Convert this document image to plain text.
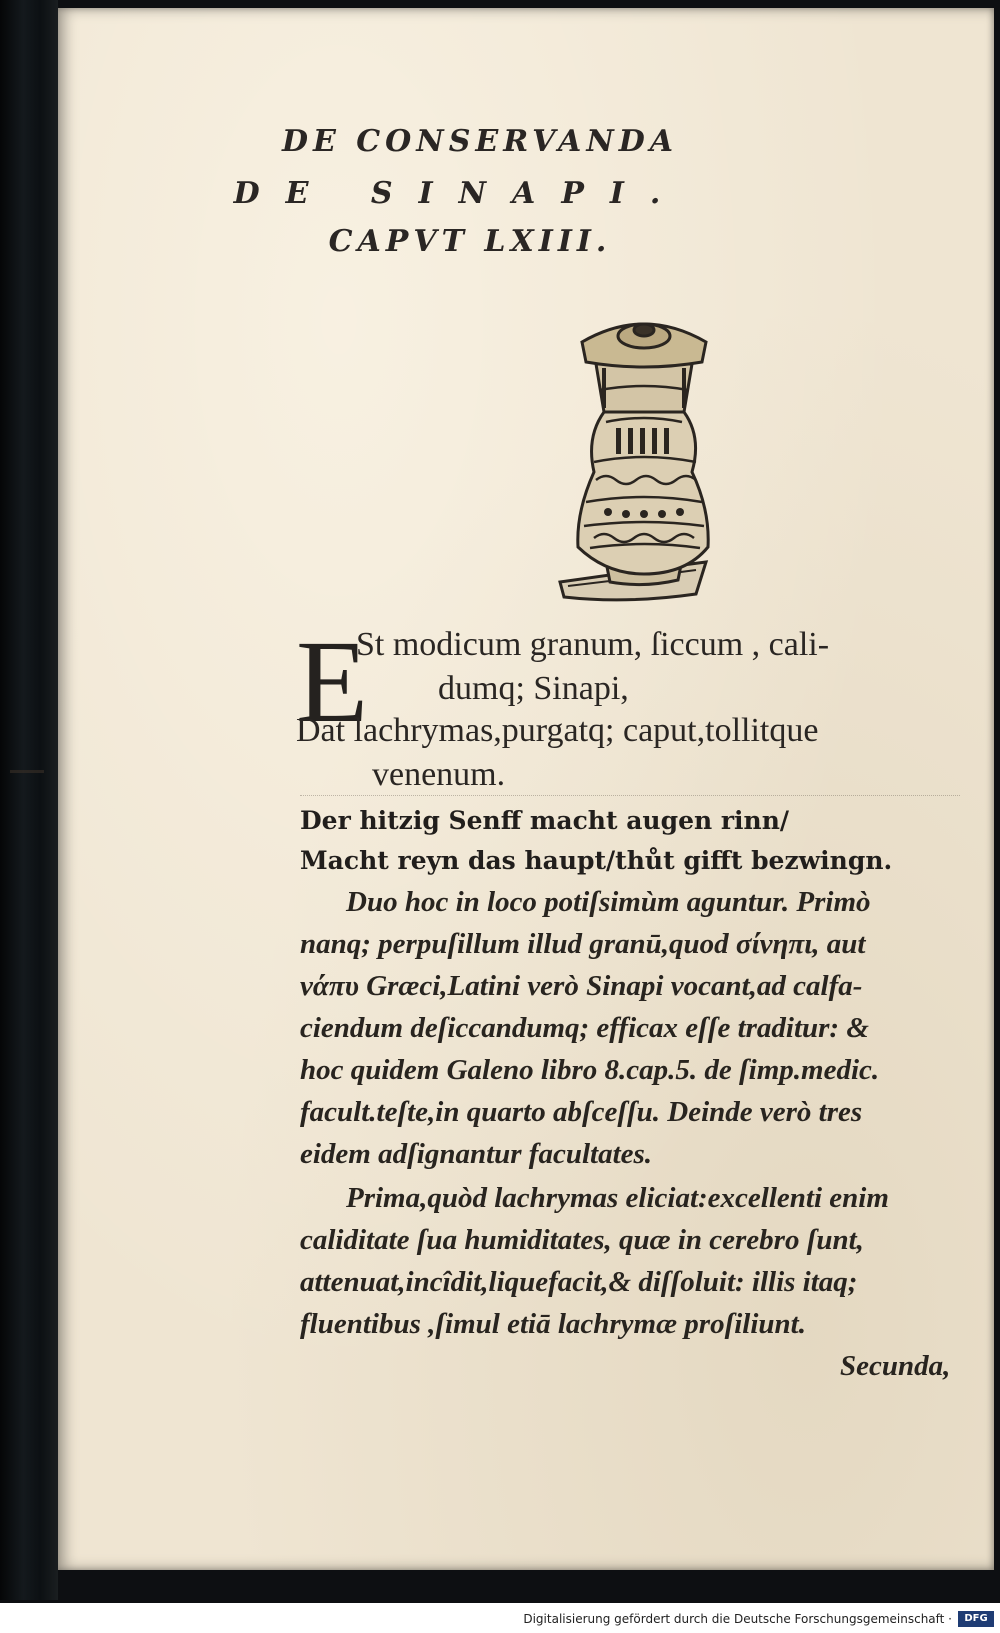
DE CONSERVANDA
DE SINAPI.
CAPVT LXIII.
E
St modicum granum, ſiccum , cali-
dumq; Sinapi,
Dat lachrymas,purgatq; caput,tollitque
venenum.
Der hitzig Senff macht augen rinn/
Macht reyn das haupt/thůt gifft bezwingn.
Duo hoc in loco potiſsimùm aguntur. Primò
nanq; perpuſillum illud granū,quod σίνηπι, aut
νάπυ Græci,Latini verò Sinapi vocant,ad calfa-
ciendum deſiccandumq; efficax eſſe traditur: &
hoc quidem Galeno libro 8.cap.5. de ſimp.medic.
facult.teſte,in quarto abſceſſu. Deinde verò tres
eidem adſignantur facultates.
Prima,quòd lachrymas eliciat:excellenti enim
caliditate ſua humiditates, quæ in cerebro ſunt,
attenuat,incîdit,liquefacit,& diſſoluit: illis itaq;
fluentibus ,ſimul etiā lachrymæ proſiliunt.
Secunda,
Digitalisierung gefördert durch die Deutsche Forschungsgemeinschaft ·	DFG
